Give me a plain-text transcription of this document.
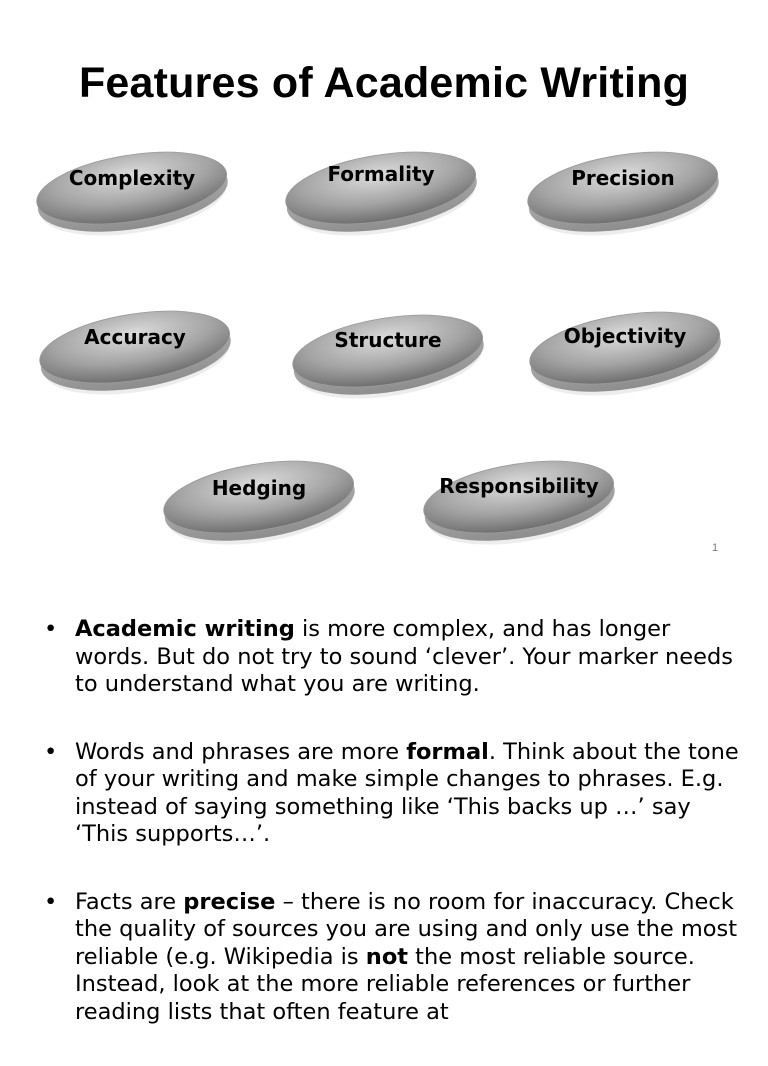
Features of Academic Writing
Complexity	Formality	Precision
Accuracy	Structure	Objectivity
Hedging	Responsibility
1
• Academic writing is more complex, and has longer words. But do not try to sound ‘clever’. Your marker needs to understand what you are writing.
• Words and phrases are more formal. Think about the tone of your writing and make simple changes to phrases. E.g. instead of saying something like ‘This backs up …’ say ‘This supports…’.
• Facts are precise – there is no room for inaccuracy. Check the quality of sources you are using and only use the most reliable (e.g. Wikipedia is not the most reliable source. Instead, look at the more reliable references or further reading lists that often feature at
